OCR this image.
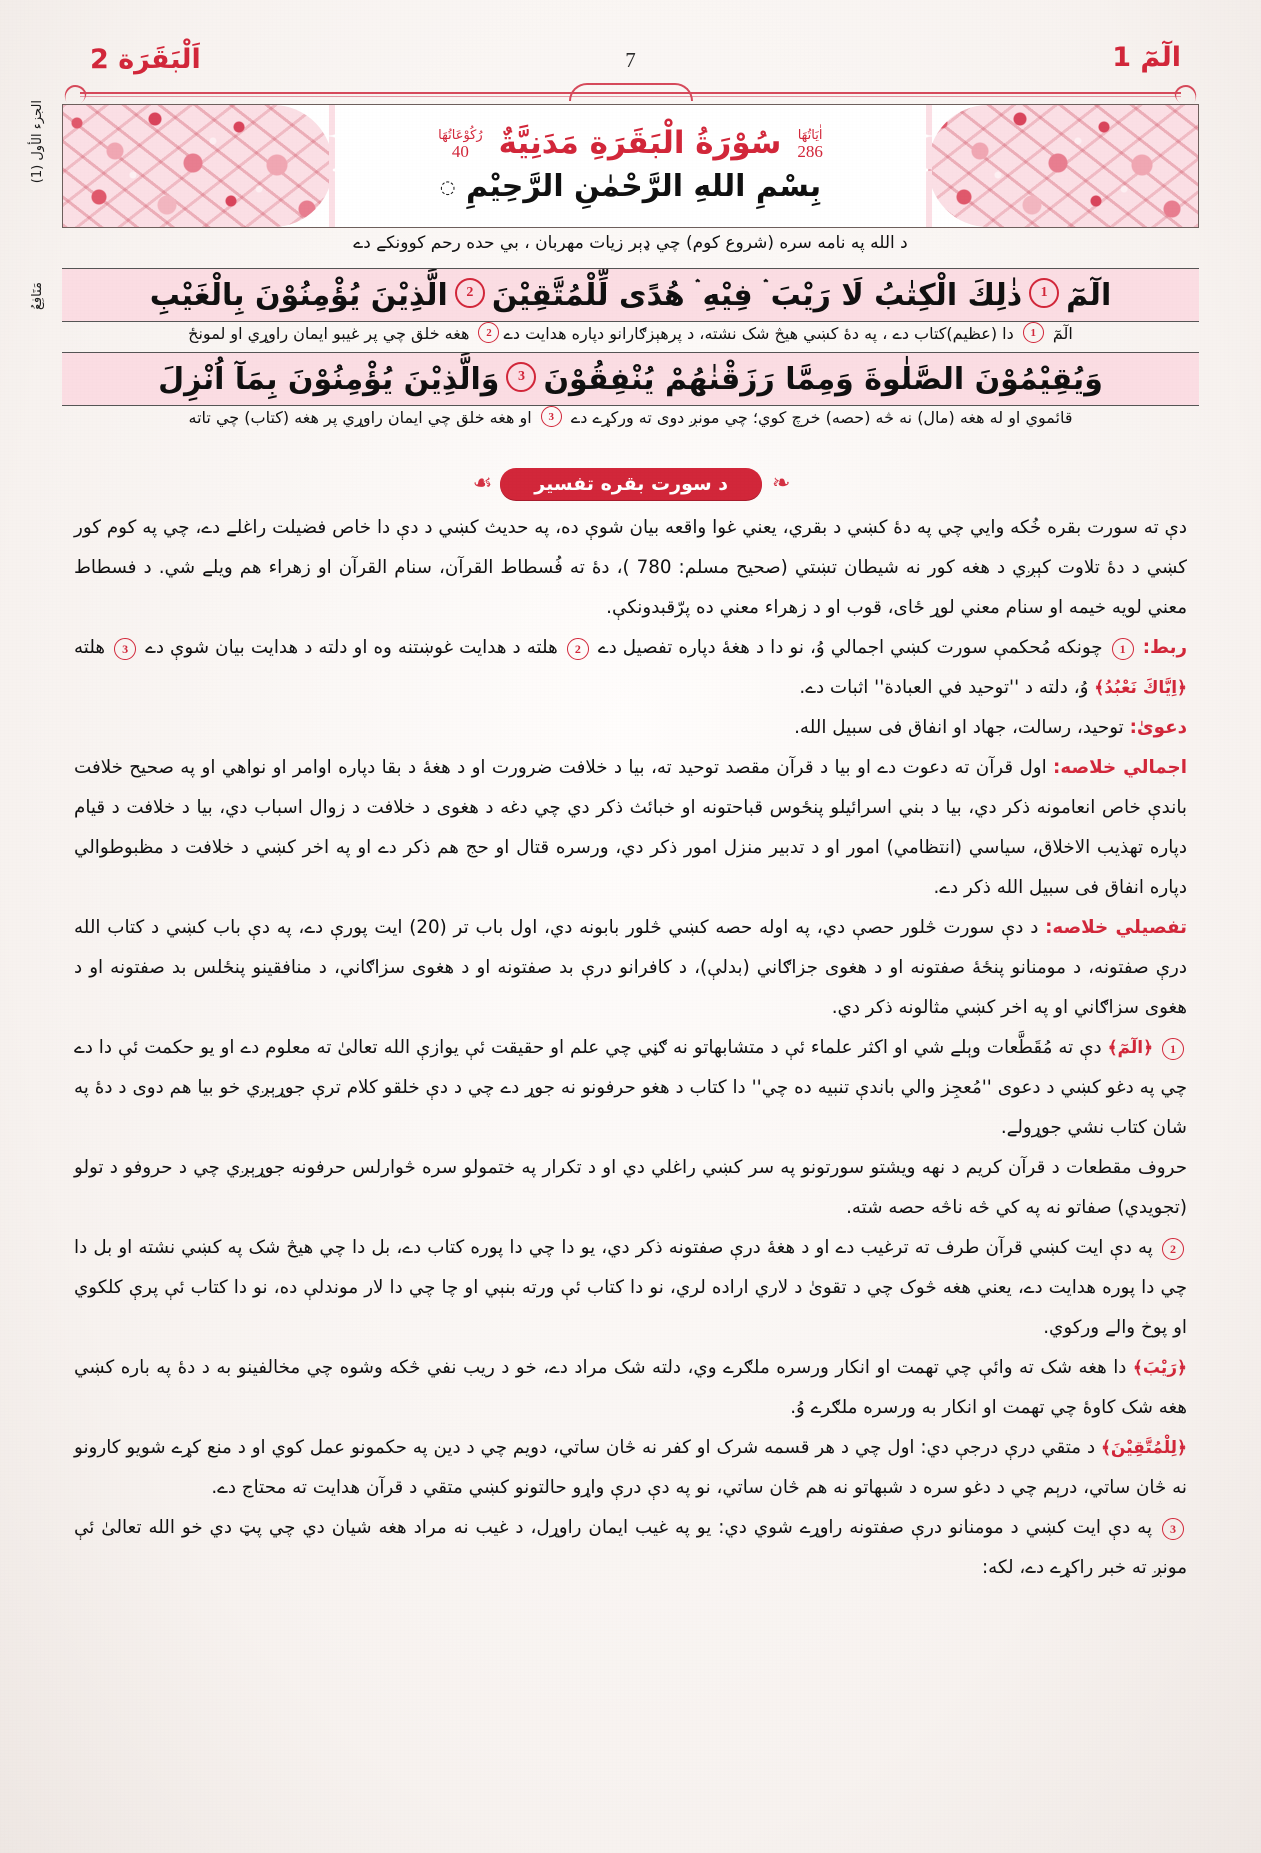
اَلْبَقَرَة 2	7	الٓمٓ 1
الجزء الأول (1)
مَنَافِعُ
اٰيَاتُهَا
286
سُوْرَةُ الْبَقَرَةِ مَدَنِيَّةٌ
رُكُوْعَاتُهَا
40
بِسْمِ اللهِ الرَّحْمٰنِ الرَّحِيْمِ ◌
د الله په نامه سره (شروع کوم) چي ډېر زيات مهربان ، بي حده رحم کوونکے دے
الٓمٓ
1
ذٰلِكَ الْكِتٰبُ لَا رَيْبَ ۛ فِيْهِ ۛ هُدًى لِّلْمُتَّقِيْنَ
2
الَّذِيْنَ يُؤْمِنُوْنَ بِالْغَيْبِ
الٓمٓ 1 دا (عظيم)کتاب دے ، په دۀ کښي هيڅ شک نشته، د پرهېزګارانو دپاره هدايت دے2 هغه خلق چي پر غيبو ايمان راوړي او لمونځ
وَيُقِيْمُوْنَ الصَّلٰوةَ وَمِمَّا رَزَقْنٰهُمْ يُنْفِقُوْنَ
3
وَالَّذِيْنَ يُؤْمِنُوْنَ بِمَآ اُنْزِلَ
قائموي او له هغه (مال) نه څه (حصه) خرچ کوي؛ چي مونږ دوی ته ورکړے دے 3 او هغه خلق چي ايمان راوړي پر هغه (کتاب) چي تاته
❧
د سورت بقره تفسير
☙

دې ته سورت بقره خُکه وايي چي په دۀ کښي د بقري، يعني غوا واقعه بيان شوې ده، په حديث کښي د دې دا خاص فضيلت راغلے دے، چي په کوم کور کښي د دۀ تلاوت کېږي د هغه کور نه شيطان تښتي (صحيح مسلم: 780 )، دۀ ته فُسطاط القرآن، سنام القرآن او زهراء هم ويلے شي. د فسطاط معني لويه خيمه او سنام معني لوړ ځای، قوب او د زهراء معني ده پرّقبدونکې.

ربط: 1 چونکه مُحکمې سورت کښي اجمالي وُ، نو دا د هغۀ دپاره تفصيل دے 2 هلته د هدايت غوښتنه وه او دلته د هدايت بيان شوې دے 3 هلته ﴿اِيَّاكَ نَعْبُدُ﴾ وُ، دلته د ''توحيد في العبادة'' اثبات دے.

دعویٰ: توحيد، رسالت، جهاد او انفاق فى سبيل الله.

اجمالي خلاصه: اول قرآن ته دعوت دے او بيا د قرآن مقصد توحيد ته، بيا د خلافت ضرورت او د هغۀ د بقا دپاره اوامر او نواهي او په صحيح خلافت باندې خاص انعامونه ذکر دي، بيا د بني اسرائيلو پنځوس قباحتونه او خبائث ذکر دي چي دغه د هغوی د خلافت د زوال اسباب دي، بيا د خلافت د قيام دپاره تهذيب الاخلاق، سياسي (انتظامي) امور او د تدبير منزل امور ذکر دي، ورسره قتال او حج هم ذکر دے او په اخر کښي د خلافت د مظبوطوالي دپاره انفاق فى سبيل الله ذکر دے.

تفصيلي خلاصه: د دې سورت څلور حصې دي، په اوله حصه کښي څلور بابونه دي، اول باب تر (20) ايت پورې دے، په دې باب کښي د کتاب الله درې صفتونه، د مومنانو پنځۀ صفتونه او د هغوی جزاګاني (بدلې)، د کافرانو درې بد صفتونه او د هغوی سزاګاني، د منافقينو پنځلس بد صفتونه او د هغوی سزاګاني او په اخر کښي مثالونه ذکر دي.

1 ﴿الٓمٓ﴾ دې ته مُقَطَّعات وېلے شي او اکثر علماء ئې د متشابهاتو نه ګڼي چي علم او حقيقت ئې يوازې الله تعالیٰ ته معلوم دے او يو حکمت ئې دا دے چي په دغو کښي د دعوی ''مُعجِز والي باندې تنبيه ده چي'' دا کتاب د هغو حرفونو نه جوړ دے چي د دې خلقو کلام ترې جوړېږي خو بيا هم دوی د دۀ په شان کتاب نشي جوړولے.

حروف مقطعات د قرآن کريم د نهه ويشتو سورتونو په سر کښي راغلي دي او د تکرار په ختمولو سره څوارلس حرفونه جوړېږي چي د حروفو د تولو (تجويدي) صفاتو نه په کي څه ناڅه حصه شته.

2 په دې ايت کښي قرآن طرف ته ترغيب دے او د هغۀ درې صفتونه ذکر دي، يو دا چي دا پوره کتاب دے، بل دا چي هيڅ شک په کښي نشته او بل دا چي دا پوره هدايت دے، يعني هغه څوک چي د تقویٰ د لاري اراده لري، نو دا کتاب ئې ورته بنېي او چا چي دا لار موندلې ده، نو دا کتاب ئې پرې کلکوي او پوخ والے ورکوي.

﴿رَيْبَ﴾ دا هغه شک ته وائې چي تهمت او انکار ورسره ملګرے وي، دلته شک مراد دے، خو د ريب نفي څکه وشوه چي مخالفينو به د دۀ په باره کښي هغه شک کاوۀ چي تهمت او انکار به ورسره ملګرے وُ.

﴿لِلْمُتَّقِيْنَ﴾ د متقي درې درجې دي: اول چي د هر قسمه شرک او کفر نه څان ساتي، دويم چي د دين په حکمونو عمل کوي او د منع کړے شويو کارونو نه څان ساتي، درېم چي د دغو سره د شبهاتو نه هم څان ساتي، نو په دې درې واړو حالتونو کښي متقي د قرآن هدايت ته محتاج دے.

3 په دې ايت کښي د مومنانو درې صفتونه راوړے شوي دي: يو په غيب ايمان راوړل، د غيب نه مراد هغه شيان دي چي پټ دي خو الله تعالیٰ ئې مونږ ته خبر راکړے دے، لکه:
